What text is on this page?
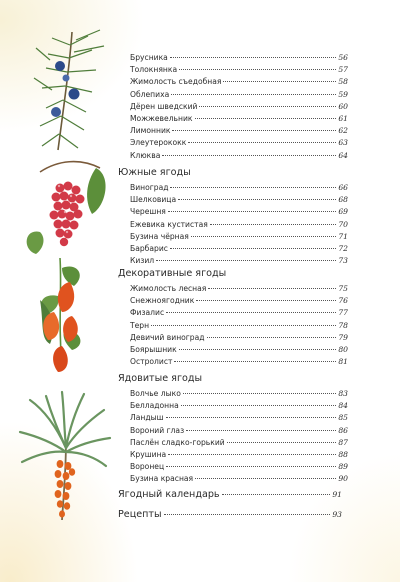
Брусника	56
Толокнянка	57
Жимолость съедобная	58
Облепиха	59
Дёрен шведский	60
Можжевельник	61
Лимонник	62
Элеутерококк	63
Клюква	64
Южные ягоды
Виноград	66
Шелковица	68
Черешня	69
Ежевика кустистая	70
Бузина чёрная	71
Барбарис	72
Кизил	73
Декоративные ягоды
Жимолость лесная	75
Снежноягодник	76
Физалис	77
Терн	78
Девичий виноград	79
Боярышник	80
Остролист	81
Ядовитые ягоды
Волчье лыко	83
Белладонна	84
Ландыш	85
Вороний глаз	86
Паслён сладко-горький	87
Крушина	88
Воронец	89
Бузина красная	90
Ягодный календарь	91
Рецепты	93
